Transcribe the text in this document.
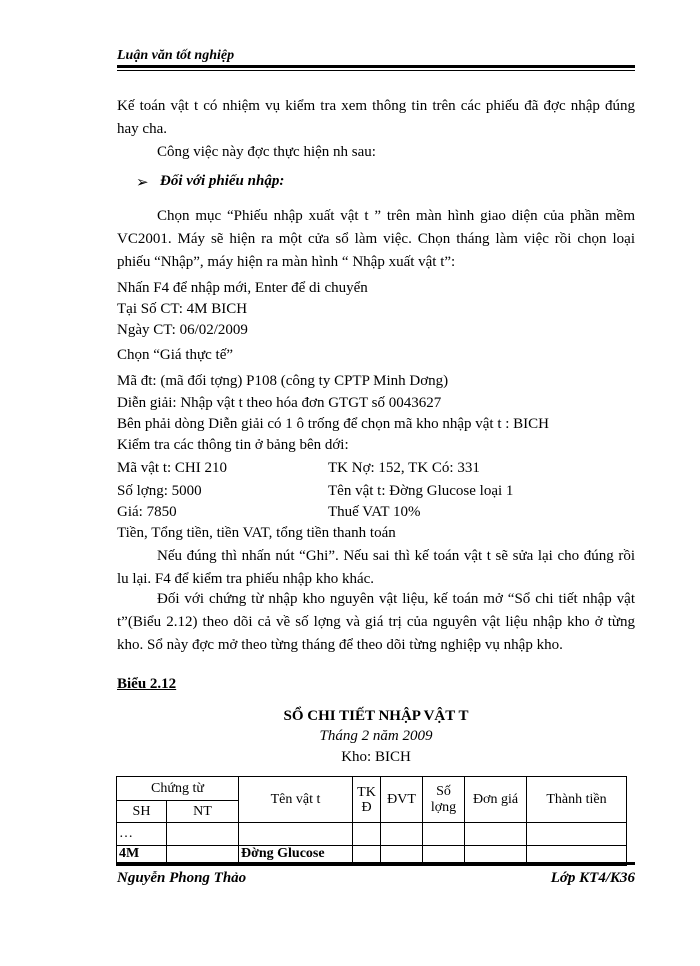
Luận văn tốt nghiệp
Kế toán vật t có nhiệm vụ kiểm tra xem thông tin trên các phiếu đã đợc nhập đúng hay cha.
Công việc này đợc thực hiện nh sau:
➢ Đối với phiếu nhập:
Chọn mục “Phiếu nhập xuất vật t ” trên màn hình giao diện của phần mềm VC2001. Máy sẽ hiện ra một cửa sổ làm việc. Chọn tháng làm việc rồi chọn loại phiếu “Nhập”, máy hiện ra màn hình “ Nhập xuất vật t”:
Nhấn F4 để nhập mới, Enter để di chuyển
Tại Số CT: 4M BICH
Ngày CT: 06/02/2009
Chọn “Giá thực tế”
Mã đt: (mã đối tợng) P108 (công ty CPTP Minh Dơng)
Diễn giải: Nhập vật t theo hóa đơn GTGT số 0043627
Bên phải dòng Diễn giải có 1 ô trống để chọn mã kho nhập vật t : BICH
Kiểm tra các thông tin ở bảng bên dới:
Mã vật t: CHI 210	TK Nợ: 152, TK Có: 331
Số lợng: 5000	Tên vật t: Đờng Glucose loại 1
Giá: 7850	Thuế VAT 10%
Tiền, Tổng tiền, tiền VAT, tổng tiền thanh toán
Nếu đúng thì nhấn nút “Ghi”. Nếu sai thì kế toán vật t sẽ sửa lại cho đúng rồi lu lại. F4 để kiểm tra phiếu nhập kho khác.
Đối với chứng từ nhập kho nguyên vật liệu, kế toán mở “Sổ chi tiết nhập vật t”(Biểu 2.12) theo dõi cả về số lợng và giá trị của nguyên vật liệu nhập kho ở từng kho. Sổ này đợc mở theo từng tháng để theo dõi từng nghiệp vụ nhập kho.
Biểu 2.12
SỔ CHI TIẾT NHẬP VẬT T
Tháng 2 năm 2009
Kho: BICH
Chứng từ		Tên vật t	TK Đ	ĐVT	Số lợng	Đơn giá	Thành tiền
SH	NT						
…							
4M		Đờng Glucose					
Nguyễn Phong Thảo	Lớp KT4/K36
